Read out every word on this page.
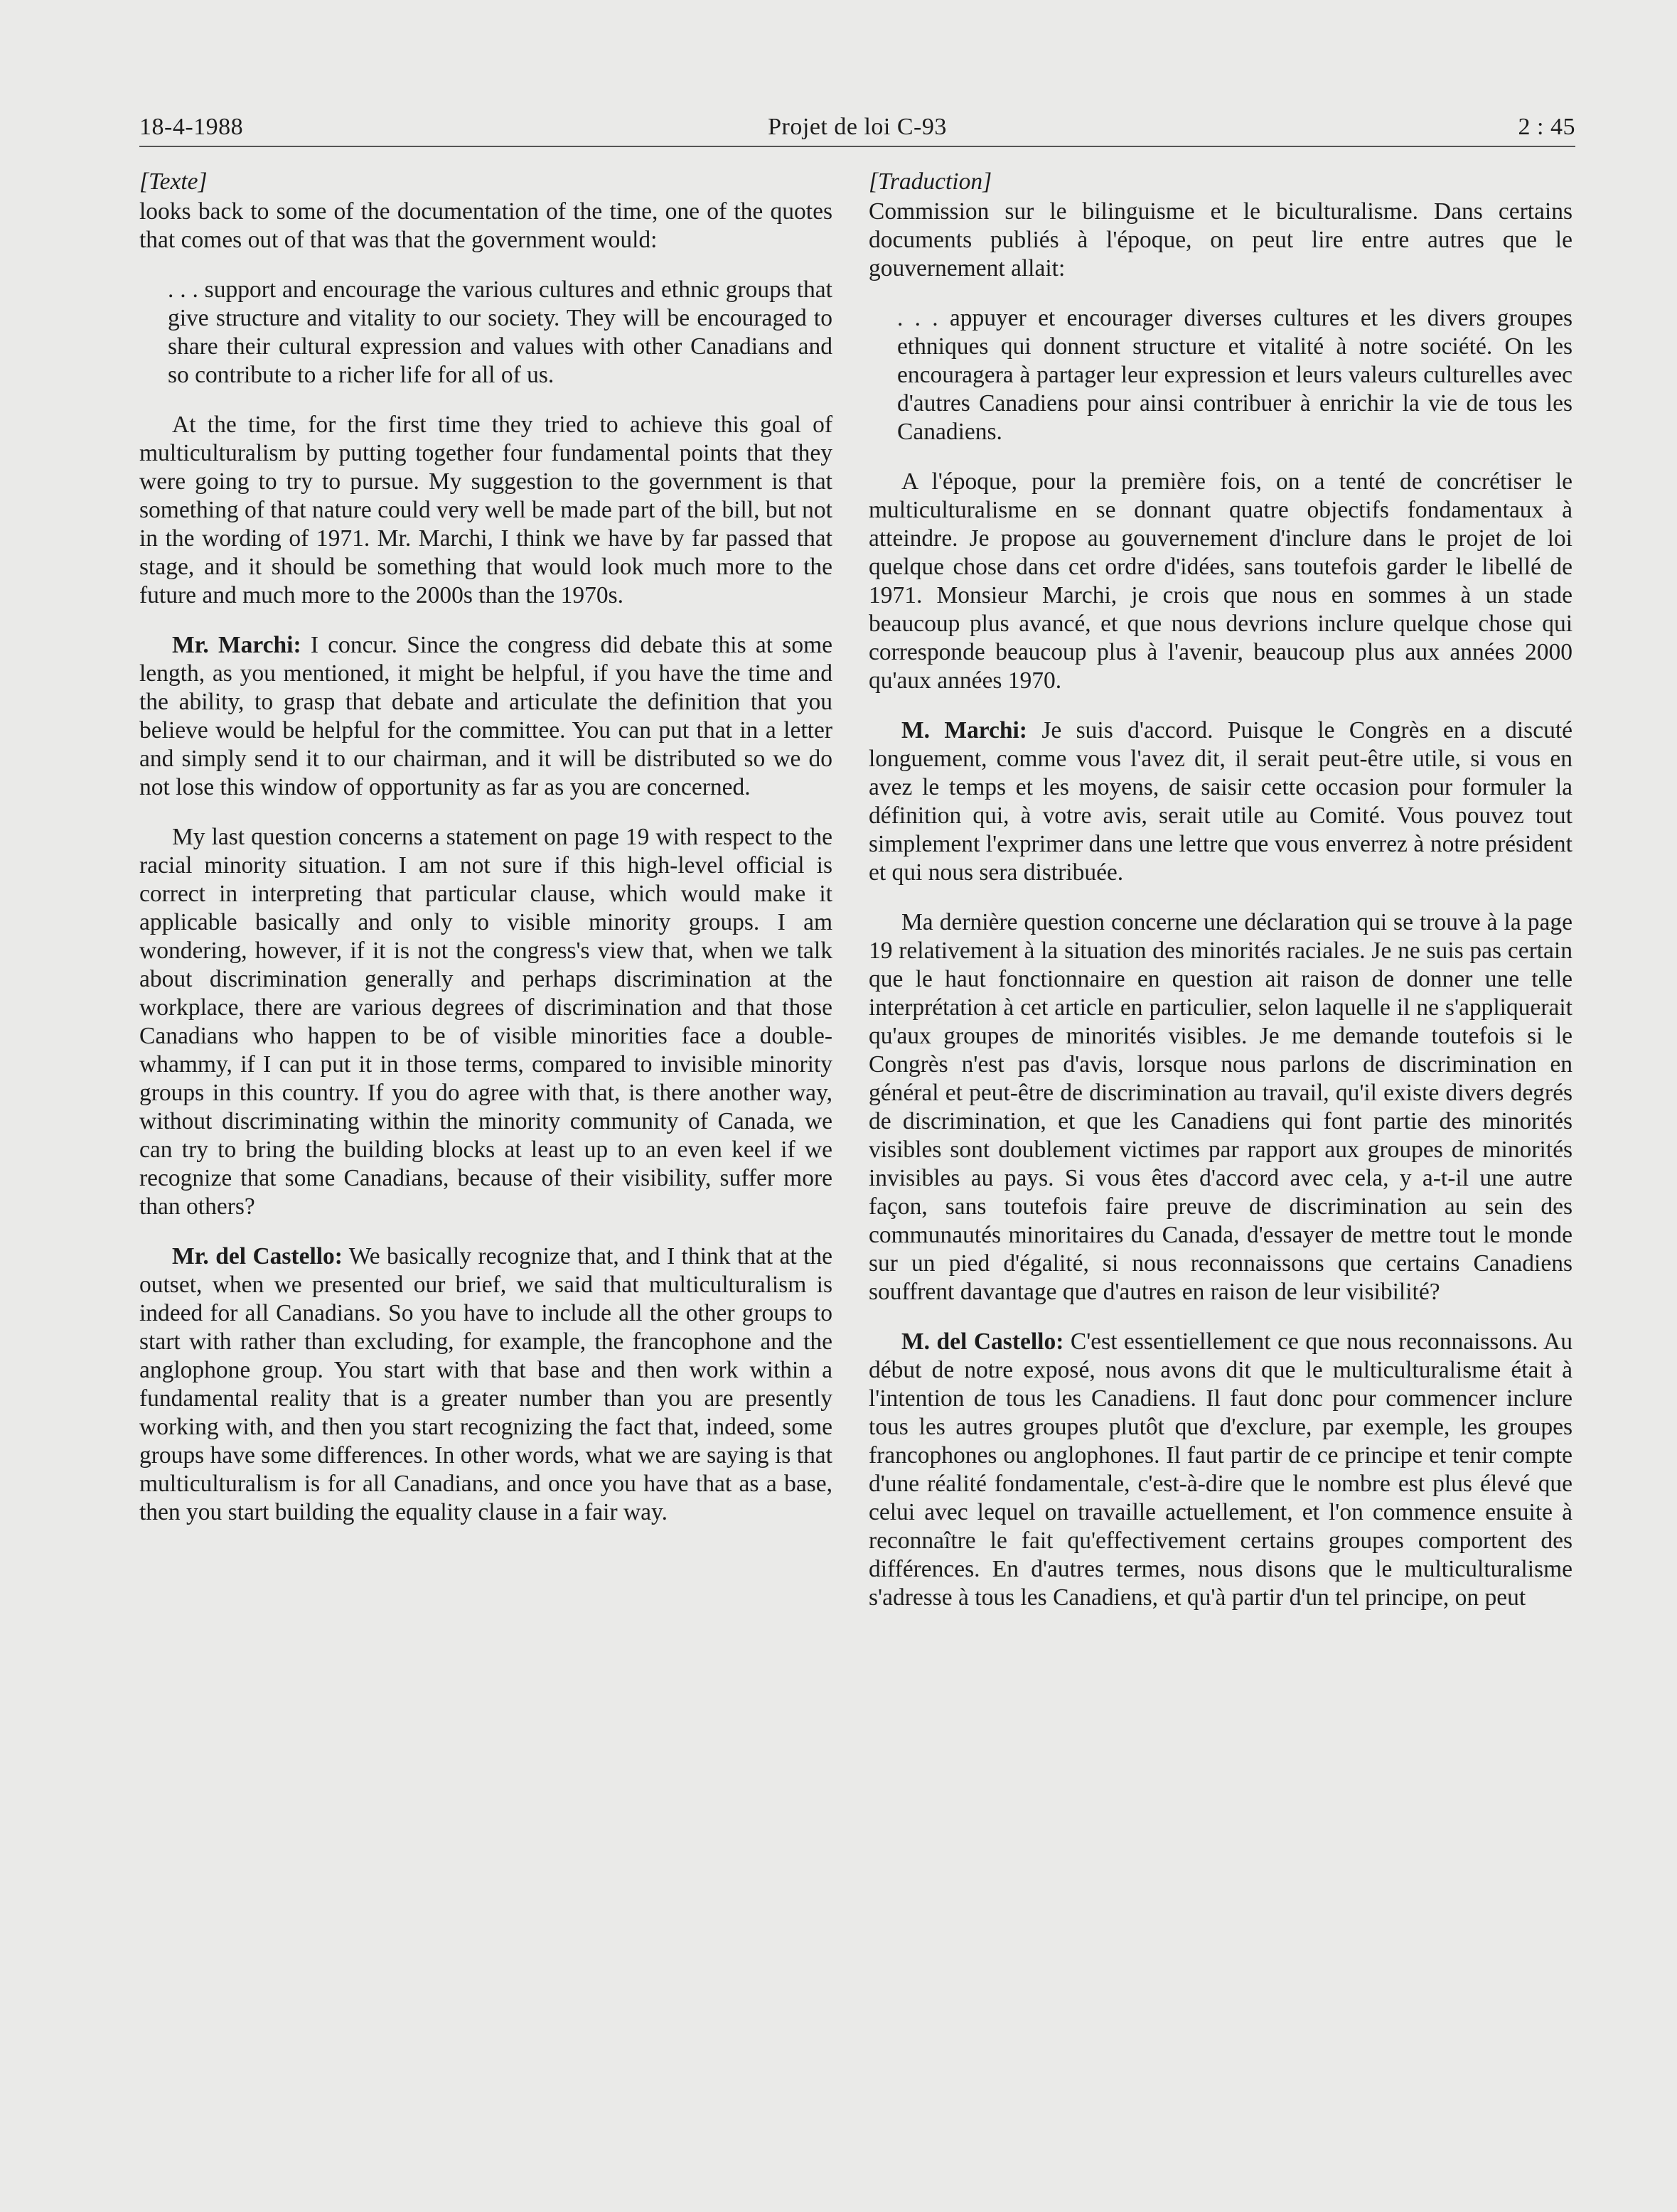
18-4-1988	Projet de loi C-93	2 : 45
[Texte]

looks back to some of the documentation of the time, one of the quotes that comes out of that was that the government would:

. . . support and encourage the various cultures and ethnic groups that give structure and vitality to our society. They will be encouraged to share their cultural expression and values with other Canadians and so contribute to a richer life for all of us.

At the time, for the first time they tried to achieve this goal of multiculturalism by putting together four fundamental points that they were going to try to pursue. My suggestion to the government is that something of that nature could very well be made part of the bill, but not in the wording of 1971. Mr. Marchi, I think we have by far passed that stage, and it should be something that would look much more to the future and much more to the 2000s than the 1970s.

Mr. Marchi: I concur. Since the congress did debate this at some length, as you mentioned, it might be helpful, if you have the time and the ability, to grasp that debate and articulate the definition that you believe would be helpful for the committee. You can put that in a letter and simply send it to our chairman, and it will be distributed so we do not lose this window of opportunity as far as you are concerned.

My last question concerns a statement on page 19 with respect to the racial minority situation. I am not sure if this high-level official is correct in interpreting that particular clause, which would make it applicable basically and only to visible minority groups. I am wondering, however, if it is not the congress's view that, when we talk about discrimination generally and perhaps discrimination at the workplace, there are various degrees of discrimination and that those Canadians who happen to be of visible minorities face a double-whammy, if I can put it in those terms, compared to invisible minority groups in this country. If you do agree with that, is there another way, without discriminating within the minority community of Canada, we can try to bring the building blocks at least up to an even keel if we recognize that some Canadians, because of their visibility, suffer more than others?

Mr. del Castello: We basically recognize that, and I think that at the outset, when we presented our brief, we said that multiculturalism is indeed for all Canadians. So you have to include all the other groups to start with rather than excluding, for example, the francophone and the anglophone group. You start with that base and then work within a fundamental reality that is a greater number than you are presently working with, and then you start recognizing the fact that, indeed, some groups have some differences. In other words, what we are saying is that multiculturalism is for all Canadians, and once you have that as a base, then you start building the equality clause in a fair way.

[Traduction]

Commission sur le bilinguisme et le biculturalisme. Dans certains documents publiés à l'époque, on peut lire entre autres que le gouvernement allait:

. . . appuyer et encourager diverses cultures et les divers groupes ethniques qui donnent structure et vitalité à notre société. On les encouragera à partager leur expression et leurs valeurs culturelles avec d'autres Canadiens pour ainsi contribuer à enrichir la vie de tous les Canadiens.

A l'époque, pour la première fois, on a tenté de concrétiser le multiculturalisme en se donnant quatre objectifs fondamentaux à atteindre. Je propose au gouvernement d'inclure dans le projet de loi quelque chose dans cet ordre d'idées, sans toutefois garder le libellé de 1971. Monsieur Marchi, je crois que nous en sommes à un stade beaucoup plus avancé, et que nous devrions inclure quelque chose qui corresponde beaucoup plus à l'avenir, beaucoup plus aux années 2000 qu'aux années 1970.

M. Marchi: Je suis d'accord. Puisque le Congrès en a discuté longuement, comme vous l'avez dit, il serait peut-être utile, si vous en avez le temps et les moyens, de saisir cette occasion pour formuler la définition qui, à votre avis, serait utile au Comité. Vous pouvez tout simplement l'exprimer dans une lettre que vous enverrez à notre président et qui nous sera distribuée.

Ma dernière question concerne une déclaration qui se trouve à la page 19 relativement à la situation des minorités raciales. Je ne suis pas certain que le haut fonctionnaire en question ait raison de donner une telle interprétation à cet article en particulier, selon laquelle il ne s'appliquerait qu'aux groupes de minorités visibles. Je me demande toutefois si le Congrès n'est pas d'avis, lorsque nous parlons de discrimination en général et peut-être de discrimination au travail, qu'il existe divers degrés de discrimination, et que les Canadiens qui font partie des minorités visibles sont doublement victimes par rapport aux groupes de minorités invisibles au pays. Si vous êtes d'accord avec cela, y a-t-il une autre façon, sans toutefois faire preuve de discrimination au sein des communautés minoritaires du Canada, d'essayer de mettre tout le monde sur un pied d'égalité, si nous reconnaissons que certains Canadiens souffrent davantage que d'autres en raison de leur visibilité?

M. del Castello: C'est essentiellement ce que nous reconnaissons. Au début de notre exposé, nous avons dit que le multiculturalisme était à l'intention de tous les Canadiens. Il faut donc pour commencer inclure tous les autres groupes plutôt que d'exclure, par exemple, les groupes francophones ou anglophones. Il faut partir de ce principe et tenir compte d'une réalité fondamentale, c'est-à-dire que le nombre est plus élevé que celui avec lequel on travaille actuellement, et l'on commence ensuite à reconnaître le fait qu'effectivement certains groupes comportent des différences. En d'autres termes, nous disons que le multiculturalisme s'adresse à tous les Canadiens, et qu'à partir d'un tel principe, on peut
